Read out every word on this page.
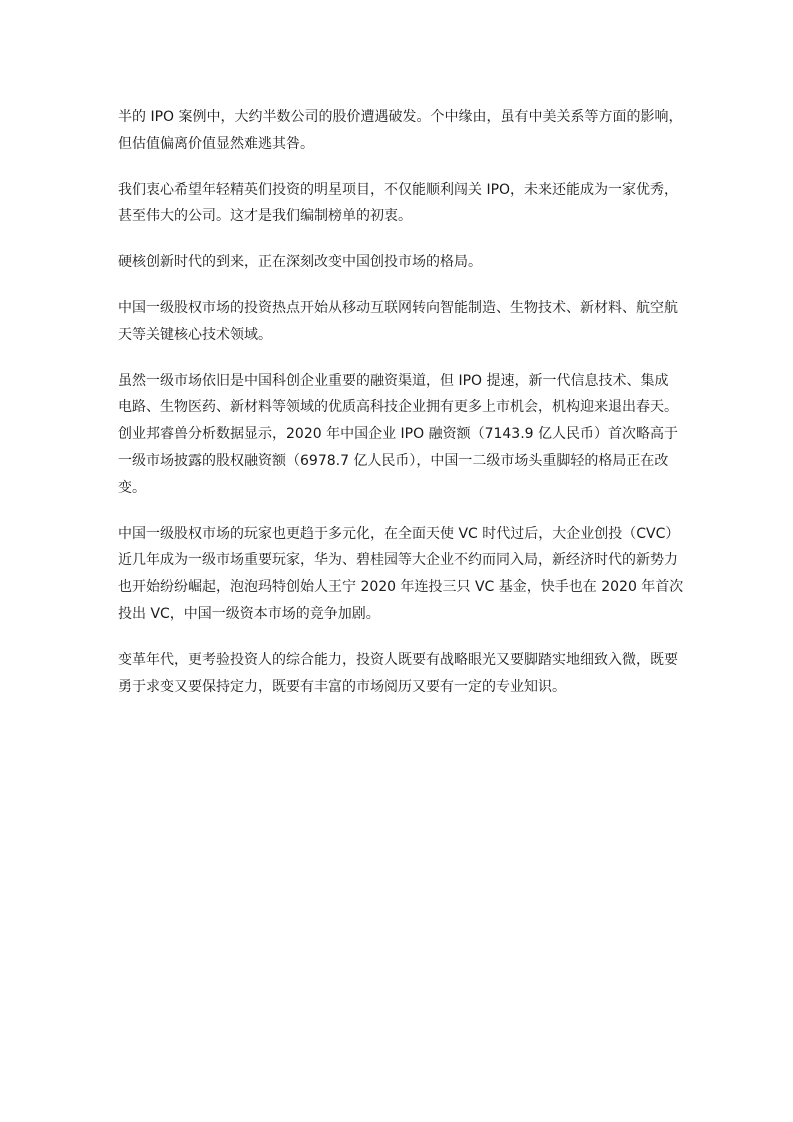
半的 IPO 案例中，大约半数公司的股价遭遇破发。个中缘由，虽有中美关系等方面的影响，
但估值偏离价值显然难逃其咎。

我们衷心希望年轻精英们投资的明星项目，不仅能顺利闯关 IPO，未来还能成为一家优秀，
甚至伟大的公司。这才是我们编制榜单的初衷。

硬核创新时代的到来，正在深刻改变中国创投市场的格局。

中国一级股权市场的投资热点开始从移动互联网转向智能制造、生物技术、新材料、航空航
天等关键核心技术领域。

虽然一级市场依旧是中国科创企业重要的融资渠道，但 IPO 提速，新一代信息技术、集成
电路、生物医药、新材料等领域的优质高科技企业拥有更多上市机会，机构迎来退出春天。
创业邦睿兽分析数据显示，2020 年中国企业 IPO 融资额（7143.9 亿人民币）首次略高于
一级市场披露的股权融资额（6978.7 亿人民币），中国一二级市场头重脚轻的格局正在改
变。

中国一级股权市场的玩家也更趋于多元化，在全面天使 VC 时代过后，大企业创投（CVC）
近几年成为一级市场重要玩家，华为、碧桂园等大企业不约而同入局，新经济时代的新势力
也开始纷纷崛起，泡泡玛特创始人王宁 2020 年连投三只 VC 基金，快手也在 2020 年首次
投出 VC，中国一级资本市场的竞争加剧。

变革年代，更考验投资人的综合能力，投资人既要有战略眼光又要脚踏实地细致入微，既要
勇于求变又要保持定力，既要有丰富的市场阅历又要有一定的专业知识。
